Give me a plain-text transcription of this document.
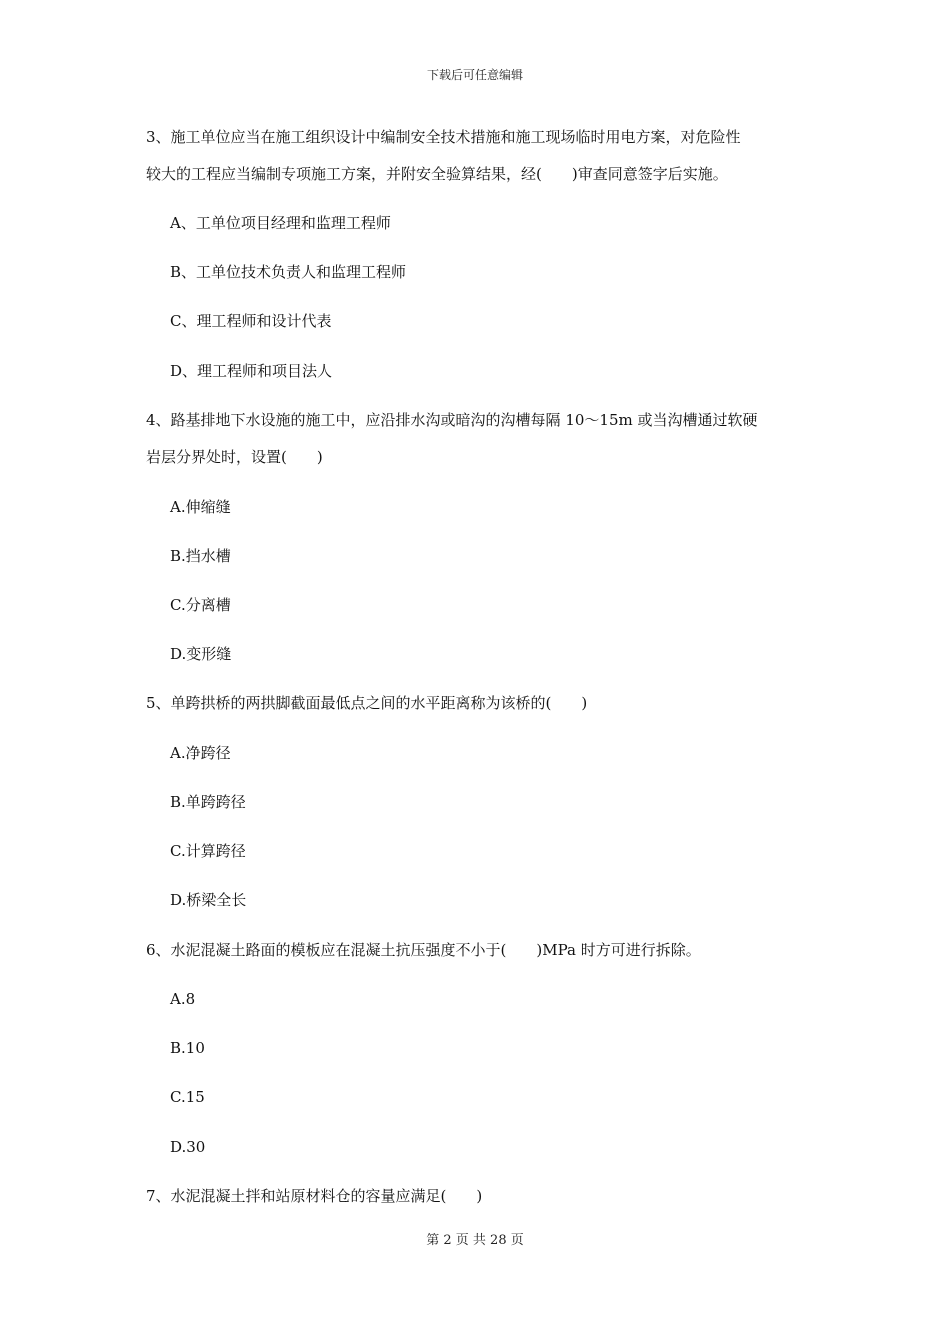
下载后可任意编辑
3、施工单位应当在施工组织设计中编制安全技术措施和施工现场临时用电方案，对危险性
较大的工程应当编制专项施工方案，并附安全验算结果，经(　　)审查同意签字后实施。
A、工单位项目经理和监理工程师
B、工单位技术负责人和监理工程师
C、理工程师和设计代表
D、理工程师和项目法人
4、路基排地下水设施的施工中，应沿排水沟或暗沟的沟槽每隔 10～15m 或当沟槽通过软硬
岩层分界处时，设置(　　)
A.伸缩缝
B.挡水槽
C.分离槽
D.变形缝
5、单跨拱桥的两拱脚截面最低点之间的水平距离称为该桥的(　　)
A.净跨径
B.单跨跨径
C.计算跨径
D.桥梁全长
6、水泥混凝土路面的模板应在混凝土抗压强度不小于(　　)MPa 时方可进行拆除。
A.8
B.10
C.15
D.30
7、水泥混凝土拌和站原材料仓的容量应满足(　　)
第 2 页 共 28 页
